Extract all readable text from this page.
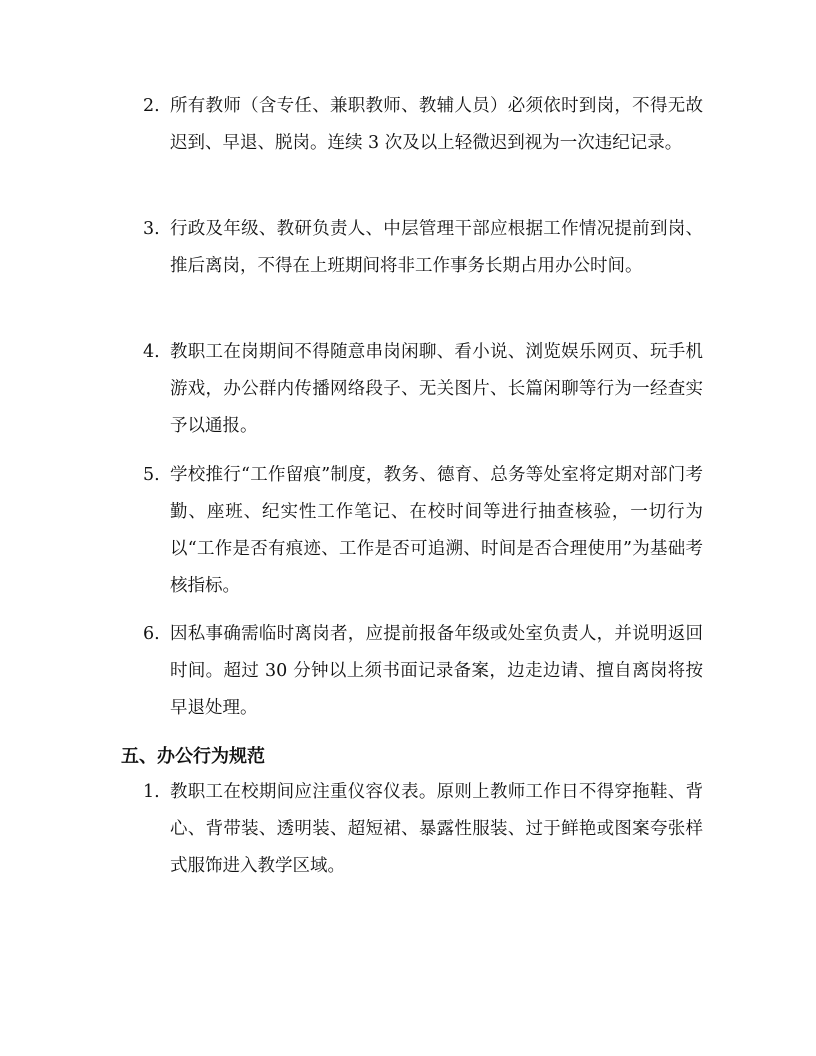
2. 所有教师（含专任、兼职教师、教辅人员）必须依时到岗，不得无故迟到、早退、脱岗。连续 3 次及以上轻微迟到视为一次违纪记录。
3. 行政及年级、教研负责人、中层管理干部应根据工作情况提前到岗、推后离岗，不得在上班期间将非工作事务长期占用办公时间。
4. 教职工在岗期间不得随意串岗闲聊、看小说、浏览娱乐网页、玩手机游戏，办公群内传播网络段子、无关图片、长篇闲聊等行为一经查实予以通报。
5. 学校推行“工作留痕”制度，教务、德育、总务等处室将定期对部门考勤、座班、纪实性工作笔记、在校时间等进行抽查核验，一切行为以“工作是否有痕迹、工作是否可追溯、时间是否合理使用”为基础考核指标。
6. 因私事确需临时离岗者，应提前报备年级或处室负责人，并说明返回时间。超过 30 分钟以上须书面记录备案，边走边请、擅自离岗将按早退处理。
五、办公行为规范
1. 教职工在校期间应注重仪容仪表。原则上教师工作日不得穿拖鞋、背心、背带装、透明装、超短裙、暴露性服装、过于鲜艳或图案夸张样式服饰进入教学区域。
